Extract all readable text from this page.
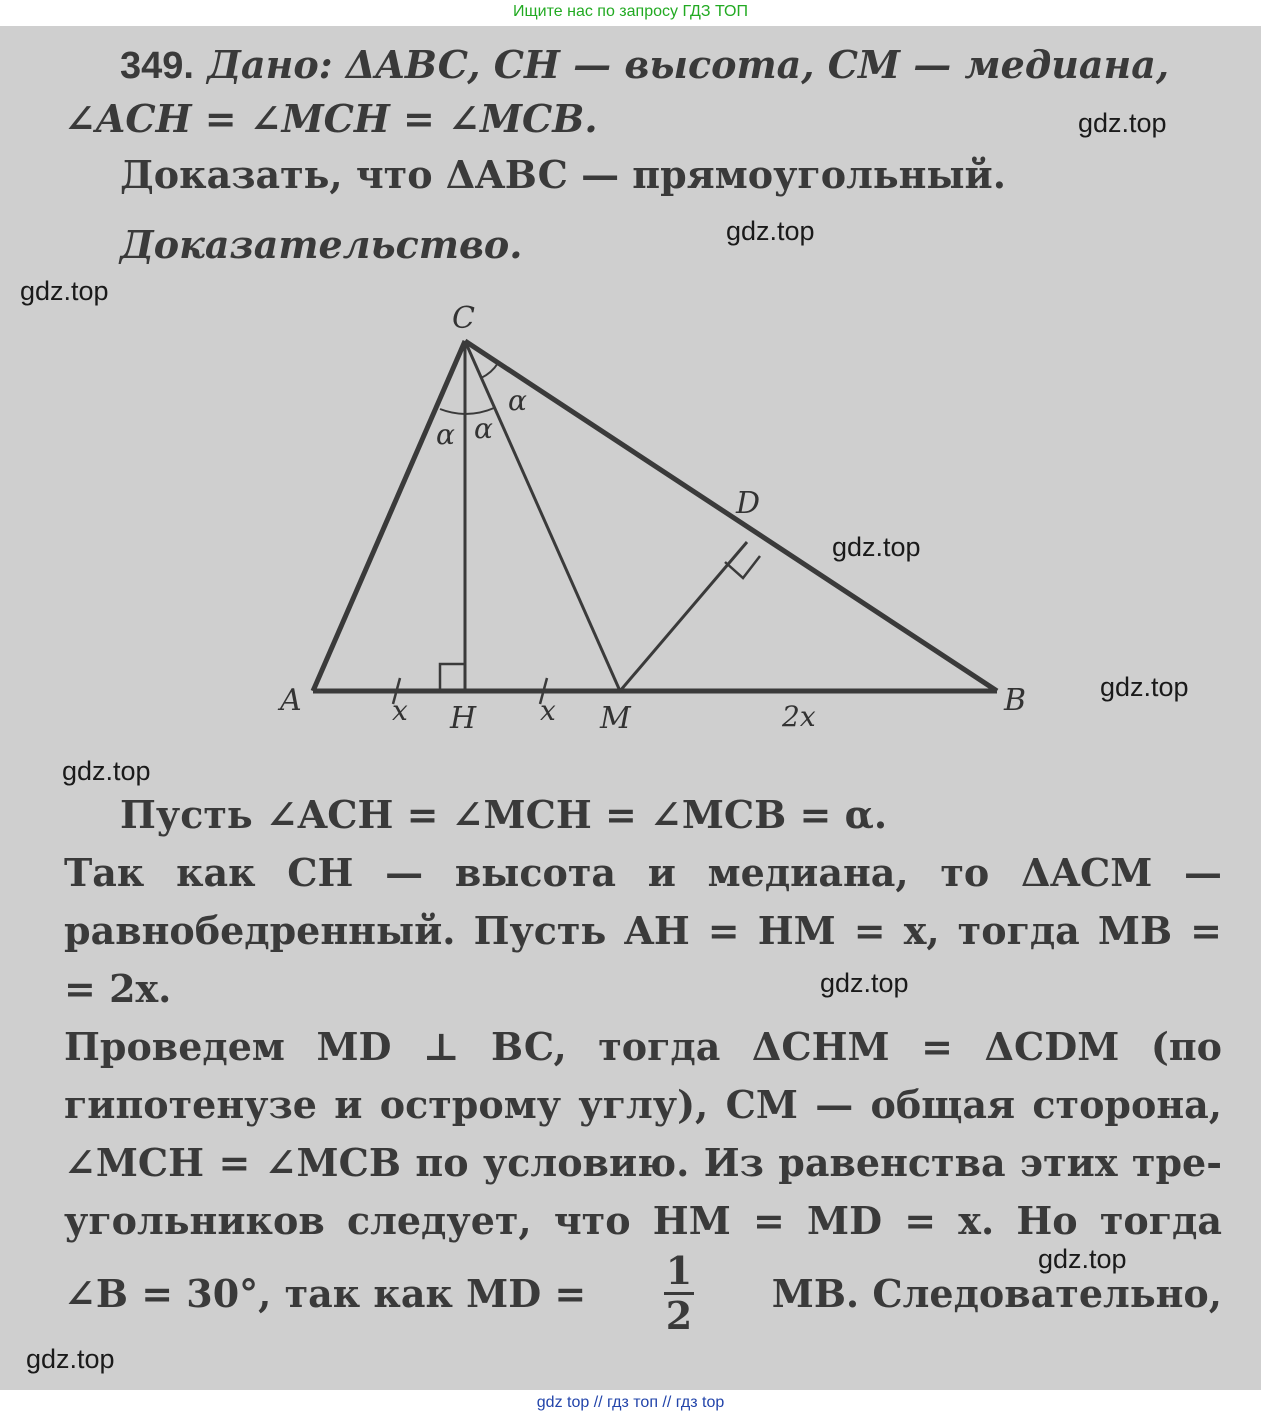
Ищите нас по запросу ГДЗ ТОП
349. Дано: ΔABC, CH — высота, CM — медиана,
∠ACH = ∠MCH = ∠MCB.
Доказать, что ΔABC — прямоугольный.
Доказательство.
C
A	B
H	M
D
α α
α
x	x	2x
Пусть ∠ACH = ∠MCH = ∠MCB = α.
Так как CH — высота и медиана, то ΔACM —
равнобедренный. Пусть AH = HM = x, тогда MB =
= 2x.
Проведем MD ⊥ BC, тогда ΔCHM = ΔCDM (по
гипотенузе и острому углу), CM — общая сторона,
∠MCH = ∠MCB по условию. Из равенства этих тре-
угольников следует, что HM = MD = x. Но тогда
∠B = 30°, так как MD = $\frac{1}{2}$ MB. Следовательно,
gdz.top
gdz.top
gdz.top
gdz.top
gdz.top
gdz.top
gdz.top
gdz.top
gdz.top
gdz top // гдз топ // гдз top
